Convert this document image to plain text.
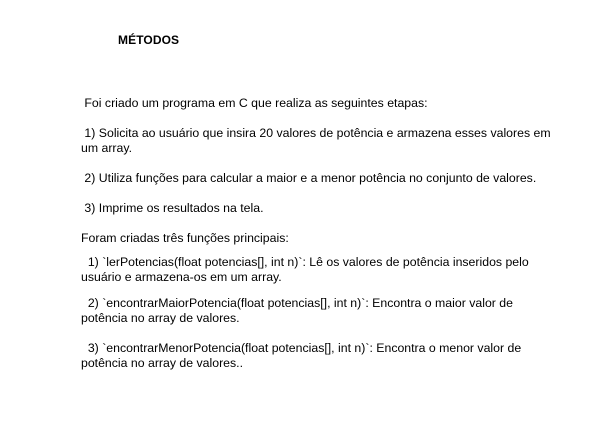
MÉTODOS

Foi criado um programa em C que realiza as seguintes etapas:

1) Solicita ao usuário que insira 20 valores de potência e armazena esses valores em um array.

2) Utiliza funções para calcular a maior e a menor potência no conjunto de valores.

3) Imprime os resultados na tela.

Foram criadas três funções principais:

1) `lerPotencias(float potencias[], int n)`: Lê os valores de potência inseridos pelo usuário e armazena-os em um array.

2) `encontrarMaiorPotencia(float potencias[], int n)`: Encontra o maior valor de potência no array de valores.

3) `encontrarMenorPotencia(float potencias[], int n)`: Encontra o menor valor de potência no array de valores..
